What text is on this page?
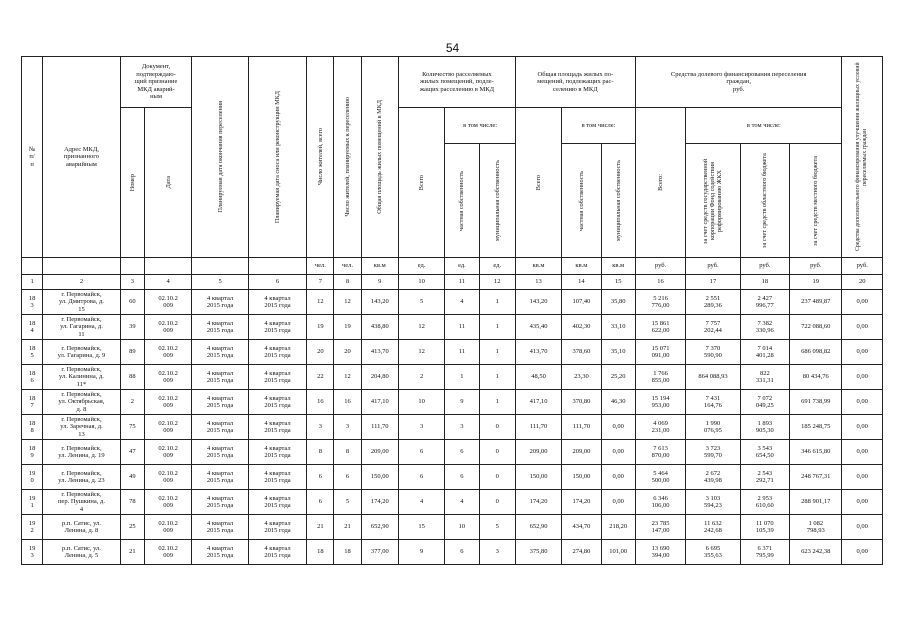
54
№
п/
п	Адрес МКД,
признанного
аварийным	Документ,
подтверждаю-
щий признание
МКД аварий-
ным		Планируемая дата окончания переселения	Планируемая дата сноса или реконструкции МКД	Число жителей, всего	Число жителей, планируемых к переселению	Общая площадь жилых помещений в МКД	Количество расселяемых
жилых помещений, подле-
жащих расселению в МКД			Общая площадь жилых по-
мещений, подлежащих рас-
селению в МКД			Средства долевого финансирования переселения
граждан,
руб.				Средства дополнительного финансирования улучшения жилищных условий переселяемых граждан

		Номер	Дата						Всего	в том числе:		Всего	в том числе:		Всего:	в том числе:			

										частная собственность	муниципальная собственность		частная собственность	муниципальная собственность		за счет средств государственной корпорации Фонд содействия реформированию ЖКХ	за счет средств областного бюджета	за счет средств местного бюджета	

						чел.	чел.	кв.м	ед.	ед.	ед.	кв.м	кв.м	кв.м	руб.	руб.	руб.	руб.	руб.
1	2	3	4	5	6	7	8	9	10	11	12	13	14	15	16	17	18	19	20
18
3	г. Первомайск,
ул. Дмитрова, д.
15	60	02.10.2
009	4 квартал
2015 года	4 квартал
2015 года	12	12	143,20	5	4	1	143,20	107,40	35,80	5 216
776,00	2 551
289,36	2 427
996,77	237 489,87	0,00
18
4	г. Первомайск,
ул. Гагарина, д.
11	39	02.10.2
009	4 квартал
2015 года	4 квартал
2015 года	19	19	438,80	12	11	1	435,40	402,30	33,10	15 861
622,00	7 757
202,44	7 382
330,96	722 088,60	0,00
18
5	г. Первомайск,
ул. Гагарина, д. 9	89	02.10.2
009	4 квартал
2015 года	4 квартал
2015 года	20	20	413,70	12	11	1	413,70	378,60	35,10	15 071
091,00	7 370
590,90	7 014
401,28	686 098,82	0,00
18
6	г. Первомайск,
ул. Калинина, д.
11*	88	02.10.2
009	4 квартал
2015 года	4 квартал
2015 года	22	12	204,80	2	1	1	48,50	23,30	25,20	1 766
855,00	864 088,93	822
331,31	80 434,76	0,00
18
7	г. Первомайск,
ул. Октябрьская,
д. 8	2	02.10.2
009	4 квартал
2015 года	4 квартал
2015 года	16	16	417,10	10	9	1	417,10	370,80	46,30	15 194
953,00	7 431
164,76	7 072
049,25	691 738,99	0,00
18
8	г. Первомайск,
ул. Заречная, д.
13	75	02.10.2
009	4 квартал
2015 года	4 квартал
2015 года	3	3	111,70	3	3	0	111,70	111,70	0,00	4 069
231,00	1 990
076,95	1 893
905,30	185 248,75	0,00
18
9	г. Первомайск,
ул. Ленина, д. 19	47	02.10.2
009	4 квартал
2015 года	4 квартал
2015 года	8	8	209,00	6	6	0	209,00	209,00	0,00	7 613
870,00	3 723
599,70	3 543
654,50	346 615,80	0,00
19
0	г. Первомайск,
ул. Ленина, д. 23	49	02.10.2
009	4 квартал
2015 года	4 квартал
2015 года	6	6	150,00	6	6	0	150,00	150,00	0,00	5 464
500,00	2 672
439,98	2 543
292,71	248 767,31	0,00
19
1	г. Первомайск,
пер. Пушкина, д.
4	78	02.10.2
009	4 квартал
2015 года	4 квартал
2015 года	6	5	174,20	4	4	0	174,20	174,20	0,00	6 346
106,00	3 103
594,23	2 953
610,60	288 901,17	0,00
19
2	р.п. Сатис, ул.
Ленина, д. 8	25	02.10.2
009	4 квартал
2015 года	4 квартал
2015 года	21	21	652,90	15	10	5	652,90	434,70	218,20	23 785
147,00	11 632
242,68	11 070
105,39	1 082
798,93	0,00
19
3	р.п. Сатис, ул.
Ленина, д. 5	21	02.10.2
009	4 квартал
2015 года	4 квартал
2015 года	18	18	377,00	9	6	3	375,80	274,80	101,00	13 690
394,00	6 695
355,63	6 371
795,99	623 242,38	0,00
